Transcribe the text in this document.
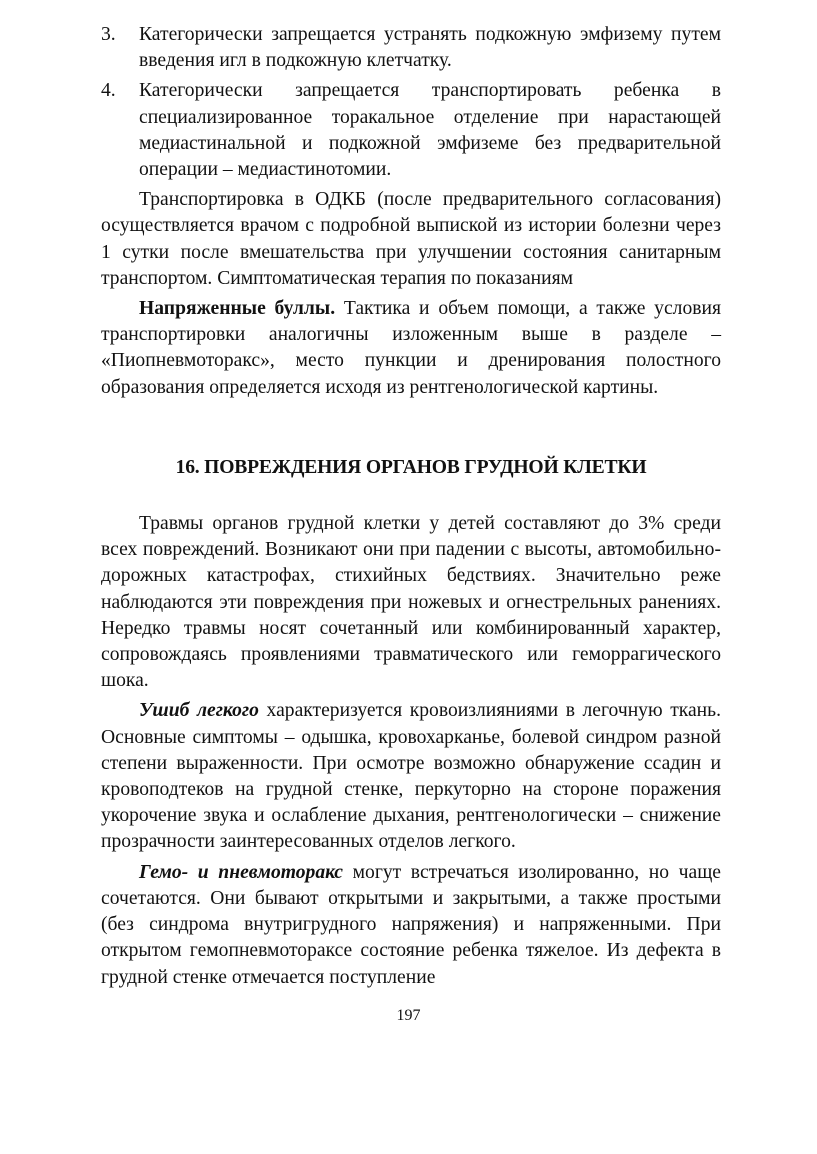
3.	Категорически запрещается устранять подкожную эмфизему путем введения игл в подкожную клетчатку.
4.	Категорически запрещается транспортировать ребенка в специализированное торакальное отделение при нарастающей медиастинальной и подкожной эмфиземе без предварительной операции – медиастинотомии.

Транспортировка в ОДКБ (после предварительного согласования) осуществляется врачом с подробной выпиской из истории болезни через 1 сутки после вмешательства при улучшении состояния санитарным транспортом. Симптоматическая терапия по показаниям

Напряженные буллы. Тактика и объем помощи, а также условия транспортировки аналогичны изложенным выше в разделе – «Пиопневмоторакс», место пункции и дренирования полостного образования определяется исходя из рентгенологической картины.

16. ПОВРЕЖДЕНИЯ ОРГАНОВ ГРУДНОЙ КЛЕТКИ

Травмы органов грудной клетки у детей составляют до 3% среди всех повреждений. Возникают они при падении с высоты, автомобильно-дорожных катастрофах, стихийных бедствиях. Значительно реже наблюдаются эти повреждения при ножевых и огнестрельных ранениях. Нередко травмы носят сочетанный или комбинированный характер, сопровождаясь проявлениями травматического или геморрагического шока.

Ушиб легкого характеризуется кровоизлияниями в легочную ткань. Основные симптомы – одышка, кровохарканье, болевой синдром разной степени выраженности. При осмотре возможно обнаружение ссадин и кровоподтеков на грудной стенке, перкуторно на стороне поражения укорочение звука и ослабление дыхания, рентгенологически – снижение прозрачности заинтересованных отделов легкого.

Гемо- и пневмоторакс могут встречаться изолированно, но чаще сочетаются. Они бывают открытыми и закрытыми, а также простыми (без синдрома внутригрудного напряжения) и напряженными. При открытом гемопневмотораксе состояние ребенка тяжелое. Из дефекта в грудной стенке отмечается поступление

197
